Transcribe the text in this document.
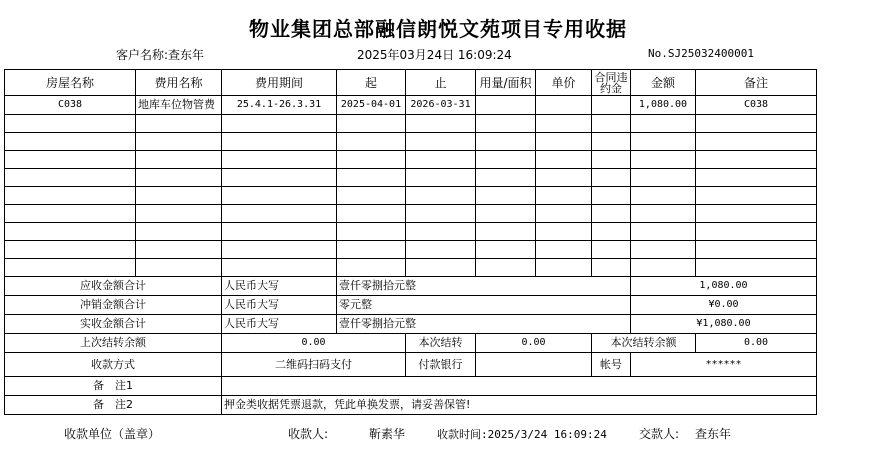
物业集团总部融信朗悦文苑项目专用收据
客户名称:查东年	2025年03月24日 16:09:24	No.SJ25032400001
房屋名称	费用名称	费用期间	起	止	用量/面积	单价	合同违约金	金额	备注
C038	地库车位物管费	25.4.1-26.3.31	2025-04-01	2026-03-31				1,080.00	C038

应收金额合计		人民币大写	壹仟零捌拾元整					1,080.00	
冲销金额合计		人民币大写	零元整					¥0.00	
实收金额合计		人民币大写	壹仟零捌拾元整					¥1,080.00	
上次结转余额		0.00		本次结转	0.00		本次结转余额		0.00
收款方式		二维码扫码支付		付款银行			帐号	******	
备　注1									
备　注2		押金类收据凭票退款，凭此单换发票，请妥善保管!							
收款单位（盖章）	收款人:	靳素华	收款时间:2025/3/24 16:09:24	交款人: 查东年
